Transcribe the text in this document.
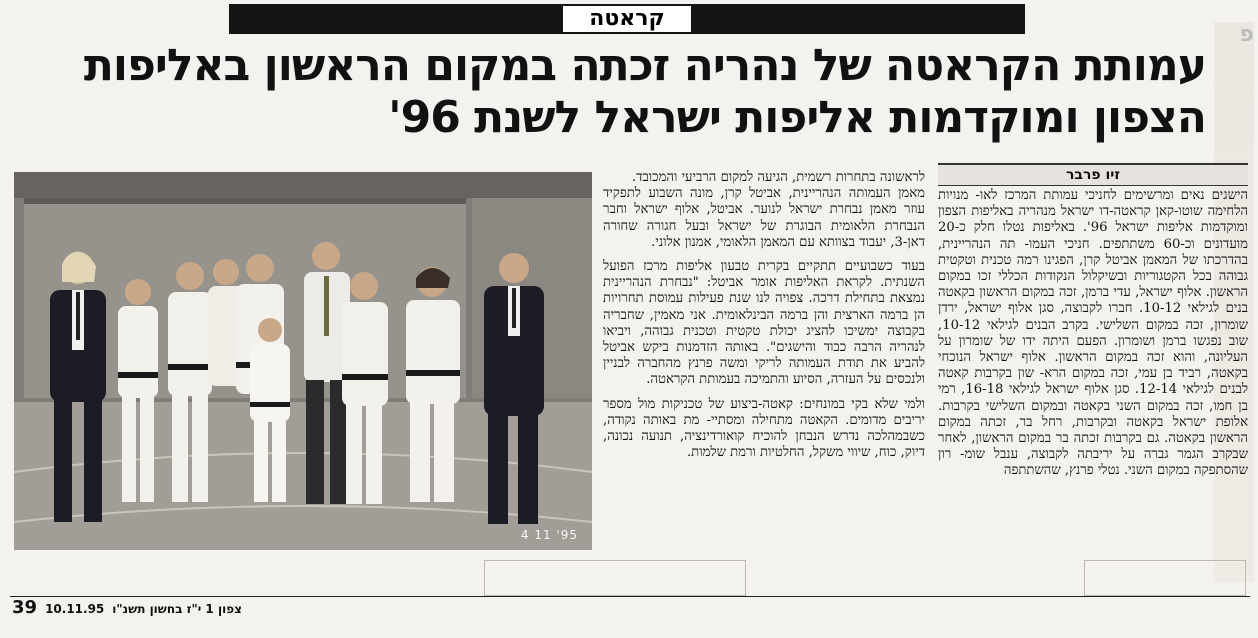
פ
קראטה
עמותת הקראטה של נהריה זכתה במקום הראשון באליפות
הצפון ומוקדמות אליפות ישראל לשנת 96'
זיו פרבר

הישגים נאים ומרשימים לחניכי עמותת המרכז לאו- מנויות הלחימה שוטו-קאן קראטה-דו ישראל מנהריה באליפות הצפון ומוקדמות אליפות ישראל 96'. באליפות נטלו חלק כ-20 מועדונים וכ-60 משתתפים. חניכי העמו- תה הנהריינית, בהדרכתו של המאמן אביטל קרן, הפגינו רמה טכנית וטקטית גבוהה בכל הקטגוריות ובשיקלול הנקודות הכללי זכו במקום הראשון. אלוף ישראל, עדי ברמן, זכה במקום הראשון בקאטה בנים לגילאי 10-12. חברו לקבוצה, סגן אלוף ישראל, ירדן שומרון, זכה במקום השלישי. בקרב הבנים לגילאי 10-12, שוב נפגשו ברמן ושומרון. הפעם היתה ידו של שומרון על העליונה, והוא זכה במקום הראשון. אלוף ישראל הנוכחי בקאטה, רביד בן עמי, זכה במקום הרא- שון בקרבות קאטה לבנים לגילאי 12-14. סגן אלוף ישראל לגילאי 16-18, רמי בן חמו, זכה במקום השני בקאטה ובמקום השלישי בקרבות. אלופת ישראל בקאטה ובקרבות, רחל בר, זכתה במקום הראשון בקאטה. גם בקרבות זכתה בר במקום הראשון, לאחר שבקרב הגמר גברה על יריבתה לקבוצה, ענבל שומ- רון שהסתפקה במקום השני. נטלי פרנץ, שהשתתפה

לראשונה בתחרות רשמית, הגיעה למקום הרביעי והמכובד.

מאמן העמותה הנהריינית, אביטל קרן, מונה השבוע לתפקיד עוזר מאמן נבחרת ישראל לנוער. אביטל, אלוף ישראל וחבר הנבחרת הלאומית הבוגרת של ישראל ובעל חגורה שחורה דאן-3, יעבוד בצוותא עם המאמן הלאומי, אמנון אלוני.

בעוד כשבועיים תתקיים בקרית טבעון אליפות מרכז הפועל השנתית. לקראת האליפות אומר אביטל: "נבחרת הנהריינית נמצאת בתחילת דרכה. צפויה לנו שנת פעילות עמוסת תחרויות הן ברמה הארצית והן ברמה הבינלאומית. אני מאמין, שחבריה בקבוצה ימשיכו להציג יכולת טקטית וטכנית גבוהה, ויביאו לנהריה הרבה כבוד והישגים". באותה הזדמנות ביקש אביטל להביע את תודת העמותה לריקי ומשה פרנץ מהחברה לבניין ולנכסים על העזרה, הסיוע והתמיכה בעמותת הקראטה.

ולמי שלא בקי במונחים: קאטה-ביצוע של טכניקות מול מספר יריבים מדומים. הקאטה מתחילה ומסתיי- מת באותה נקודה, כשבמהלכה נדרש הנבחן להוכיח קואורדינציה, תנועה נכונה, דיוק, כוח, שיווי משקל, החלטיות ורמת שלמות.

4 11 '95
39 10.11.95 צפון 1 י"ז בחשון תשנ"ו
